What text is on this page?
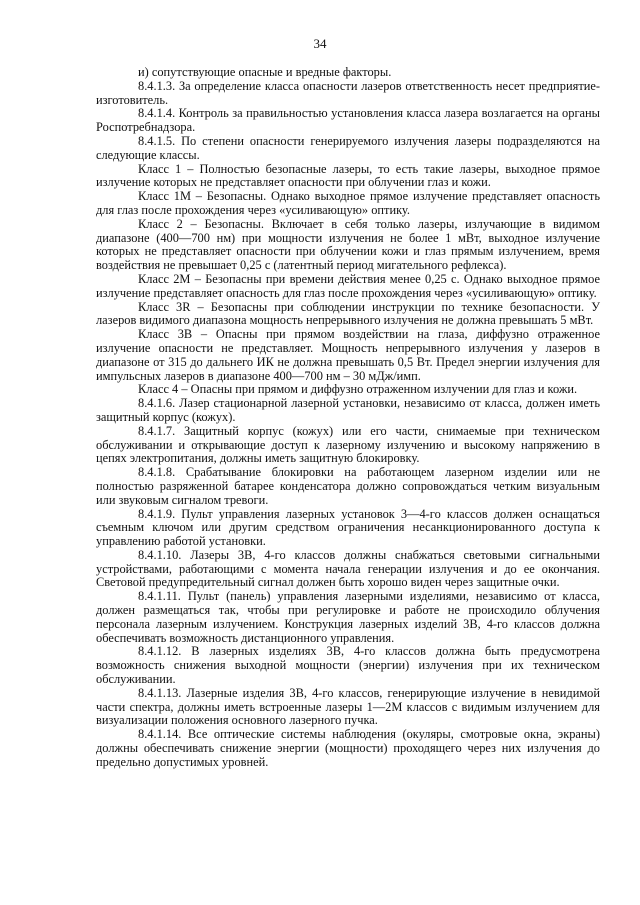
34

и) сопутствующие опасные и вредные факторы.

8.4.1.3. За определение класса опасности лазеров ответственность несет предприятие-изготовитель.

8.4.1.4. Контроль за правильностью установления класса лазера возлагается на органы Роспотребнадзора.

8.4.1.5. По степени опасности генерируемого излучения лазеры подразделяются на следующие классы.

Класс 1 – Полностью безопасные лазеры, то есть такие лазеры, выходное прямое излучение которых не представляет опасности при облучении глаз и кожи.

Класс 1М – Безопасны. Однако выходное прямое излучение представляет опасность для глаз после прохождения через «усиливающую» оптику.

Класс 2 – Безопасны. Включает в себя только лазеры, излучающие в видимом диапазоне (400—700 нм) при мощности излучения не более 1 мВт, выходное излучение которых не представляет опасности при облучении кожи и глаз прямым излучением, время воздействия не превышает 0,25 с (латентный период мигательного рефлекса).

Класс 2М – Безопасны при времени действия менее 0,25 с. Однако выходное прямое излучение представляет опасность для глаз после прохождения через «усиливающую» оптику.

Класс 3R – Безопасны при соблюдении инструкции по технике безопасности. У лазеров видимого диапазона мощность непрерывного излучения не должна превышать 5 мВт.

Класс 3В – Опасны при прямом воздействии на глаза, диффузно отраженное излучение опасности не представляет. Мощность непрерывного излучения у лазеров в диапазоне от 315 до дальнего ИК не должна превышать 0,5 Вт. Предел энергии излучения для импульсных лазеров в диапазоне 400—700 нм – 30 мДж/имп.

Класс 4 – Опасны при прямом и диффузно отраженном излучении для глаз и кожи.

8.4.1.6. Лазер стационарной лазерной установки, независимо от класса, должен иметь защитный корпус (кожух).

8.4.1.7. Защитный корпус (кожух) или его части, снимаемые при техническом обслуживании и открывающие доступ к лазерному излучению и высокому напряжению в цепях электропитания, должны иметь защитную блокировку.

8.4.1.8. Срабатывание блокировки на работающем лазерном изделии или не полностью разряженной батарее конденсатора должно сопровождаться четким визуальным или звуковым сигналом тревоги.

8.4.1.9. Пульт управления лазерных установок 3—4-го классов должен оснащаться съемным ключом или другим средством ограничения несанкционированного доступа к управлению работой установки.

8.4.1.10. Лазеры 3В, 4-го классов должны снабжаться световыми сигнальными устройствами, работающими с момента начала генерации излучения и до ее окончания. Световой предупредительный сигнал должен быть хорошо виден через защитные очки.

8.4.1.11. Пульт (панель) управления лазерными изделиями, независимо от класса, должен размещаться так, чтобы при регулировке и работе не происходило облучения персонала лазерным излучением. Конструкция лазерных изделий 3В, 4-го классов должна обеспечивать возможность дистанционного управления.

8.4.1.12. В лазерных изделиях 3В, 4-го классов должна быть предусмотрена возможность снижения выходной мощности (энергии) излучения при их техническом обслуживании.

8.4.1.13. Лазерные изделия 3В, 4-го классов, генерирующие излучение в невидимой части спектра, должны иметь встроенные лазеры 1—2М классов с видимым излучением для визуализации положения основного лазерного пучка.

8.4.1.14. Все оптические системы наблюдения (окуляры, смотровые окна, экраны) должны обеспечивать снижение энергии (мощности) проходящего через них излучения до предельно допустимых уровней.
